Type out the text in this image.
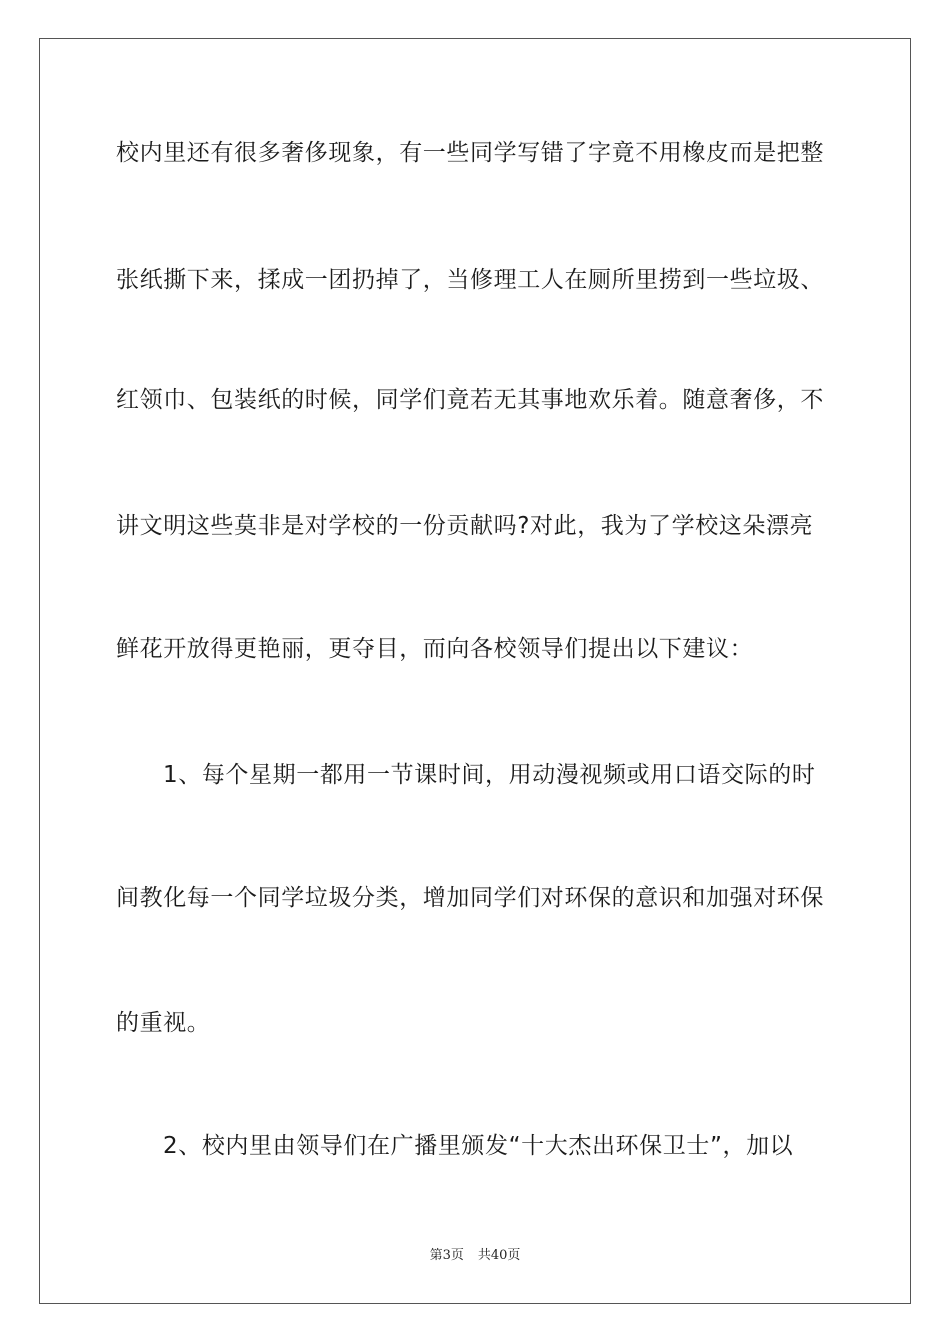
校内里还有很多奢侈现象，有一些同学写错了字竟不用橡皮而是把整
张纸撕下来，揉成一团扔掉了，当修理工人在厕所里捞到一些垃圾、
红领巾、包装纸的时候，同学们竟若无其事地欢乐着。随意奢侈，不
讲文明这些莫非是对学校的一份贡献吗?对此，我为了学校这朵漂亮
鲜花开放得更艳丽，更夺目，而向各校领导们提出以下建议：
1、每个星期一都用一节课时间，用动漫视频或用口语交际的时
间教化每一个同学垃圾分类，增加同学们对环保的意识和加强对环保
的重视。
2、校内里由领导们在广播里颁发“十大杰出环保卫士”，加以
第3页 共40页
